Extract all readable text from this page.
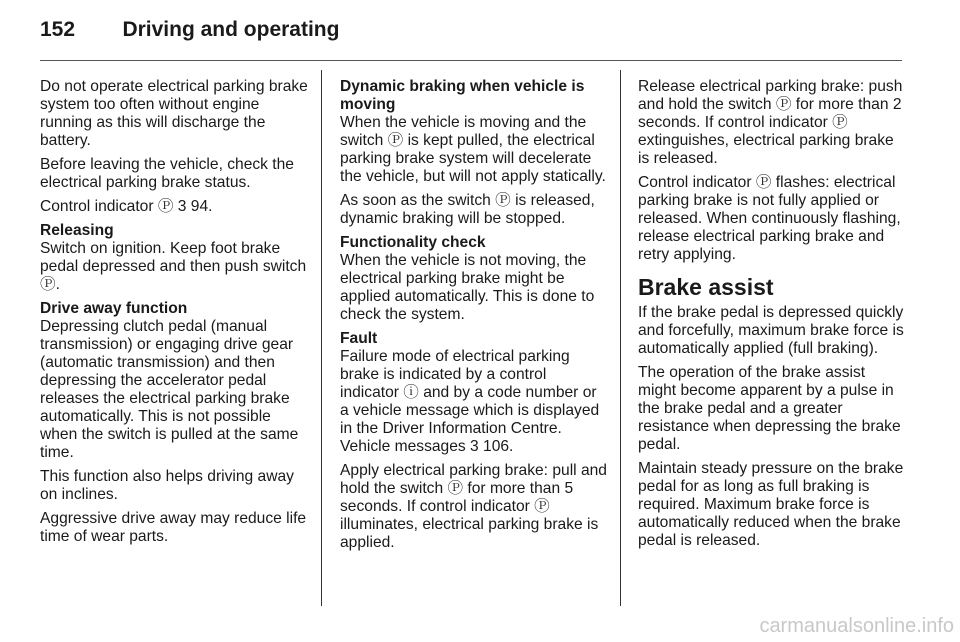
152 Driving and operating

Do not operate electrical parking brake system too often without engine running as this will discharge the battery.

Before leaving the vehicle, check the electrical parking brake status.

Control indicator Ⓟ 3 94.

Releasing

Switch on ignition. Keep foot brake pedal depressed and then push switch Ⓟ.

Drive away function

Depressing clutch pedal (manual transmission) or engaging drive gear (automatic transmission) and then depressing the accelerator pedal releases the electrical parking brake automatically. This is not possible when the switch is pulled at the same time.

This function also helps driving away on inclines.

Aggressive drive away may reduce life time of wear parts.

Dynamic braking when vehicle is moving

When the vehicle is moving and the switch Ⓟ is kept pulled, the electrical parking brake system will decelerate the vehicle, but will not apply statically.

As soon as the switch Ⓟ is released, dynamic braking will be stopped.

Functionality check

When the vehicle is not moving, the electrical parking brake might be applied automatically. This is done to check the system.

Fault

Failure mode of electrical parking brake is indicated by a control indicator ⓘ and by a code number or a vehicle message which is displayed in the Driver Information Centre. Vehicle messages 3 106.

Apply electrical parking brake: pull and hold the switch Ⓟ for more than 5 seconds. If control indicator Ⓟ illuminates, electrical parking brake is applied.

Release electrical parking brake: push and hold the switch Ⓟ for more than 2 seconds. If control indicator Ⓟ extinguishes, electrical parking brake is released.

Control indicator Ⓟ flashes: electrical parking brake is not fully applied or released. When continuously flashing, release electrical parking brake and retry applying.

Brake assist

If the brake pedal is depressed quickly and forcefully, maximum brake force is automatically applied (full braking).

The operation of the brake assist might become apparent by a pulse in the brake pedal and a greater resistance when depressing the brake pedal.

Maintain steady pressure on the brake pedal for as long as full braking is required. Maximum brake force is automatically reduced when the brake pedal is released.

carmanualsonline.info
